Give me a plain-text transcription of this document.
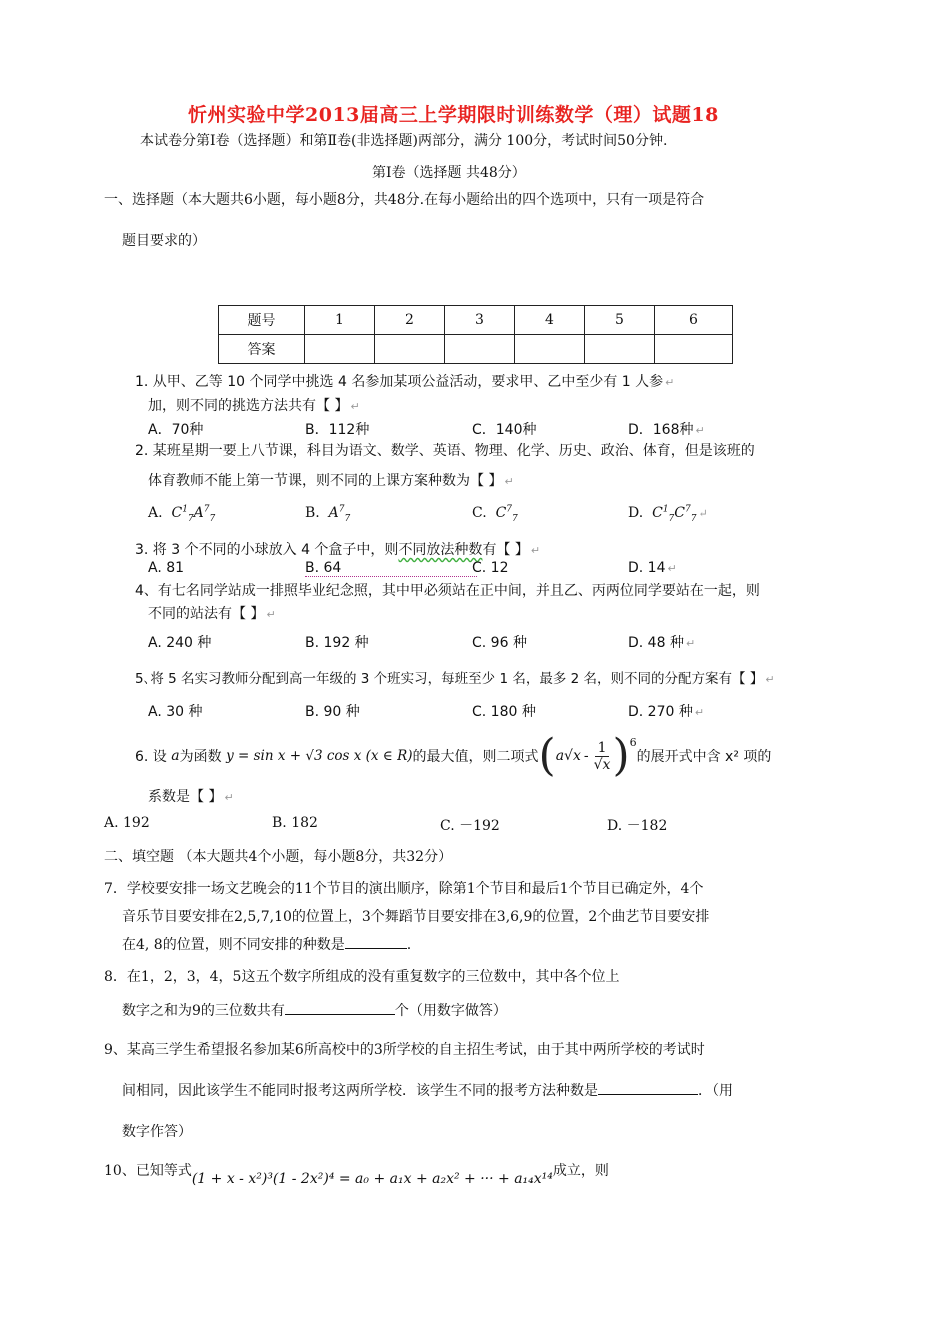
忻州实验中学2013届高三上学期限时训练数学（理）试题18
本试卷分第Ⅰ卷（选择题）和第Ⅱ卷(非选择题)两部分，满分 100分，考试时间50分钟.
第Ⅰ卷（选择题 共48分）
一、选择题（本大题共6小题，每小题8分，共48分.在每小题给出的四个选项中，只有一项是符合
题目要求的）
题号	1	2	3	4	5	6
答案						
1. 从甲、乙等 10 个同学中挑选 4 名参加某项公益活动，要求甲、乙中至少有 1 人参 ↵
加，则不同的挑选方法共有【 】 ↵
A．70种	B．112种	C．140种	D．168种 ↵
2. 某班星期一要上八节课，科目为语文、数学、英语、物理、化学、历史、政治、体育，但是该班的
体育教师不能上第一节课，则不同的上课方案种数为【 】 ↵
A. $C^1_7A^7_7$	B. $A^7_7$	C. $C^7_7$	D. $C^1_7C^7_7$ ↵
3. 将 3 个不同的小球放入 4 个盒子中，则不同放法种数有【 】 ↵
A. 81	B. 64	C. 12	D. 14 ↵
4、有七名同学站成一排照毕业纪念照，其中甲必须站在正中间，并且乙、丙两位同学要站在一起，则
不同的站法有【 】 ↵
A. 240 种	B. 192 种	C. 96 种	D. 48 种 ↵
5､将 5 名实习教师分配到高一年级的 3 个班实习，每班至少 1 名，最多 2 名，则不同的分配方案有【 】 ↵
A. 30 种	B. 90 种	C. 180 种	D. 270 种 ↵
6. 设
a 为函数
y = sin x + √3 cos x (x ∈ R) 的最大值，则二项式 ( $a√x - \frac{1}{√x}$ ) 6
的展开式中含 x² 项的
系数是【 】 ↵
A. 192	B. 182	C. －192	D. －182
二、填空题 （本大题共4个小题，每小题8分，共32分）
7．学校要安排一场文艺晚会的11个节目的演出顺序，除第1个节目和最后1个节目已确定外，4个
音乐节目要安排在2,5,7,10的位置上，3个舞蹈节目要安排在3,6,9的位置，2个曲艺节目要安排
在4, 8的位置，则不同安排的种数是	.
8．在1，2，3，4，5这五个数字所组成的没有重复数字的三位数中，其中各个位上
数字之和为9的三位数共有	个（用数字做答）
9、某高三学生希望报名参加某6所高校中的3所学校的自主招生考试，由于其中两所学校的考试时
间相同，因此该学生不能同时报考这两所学校．该学生不同的报考方法种数是	．（用
数字作答）
10、已知等式(1 + x - x²)³(1 - 2x²)⁴ = a₀ + a₁x + a₂x² + ··· + a₁₄x¹⁴成立，则
